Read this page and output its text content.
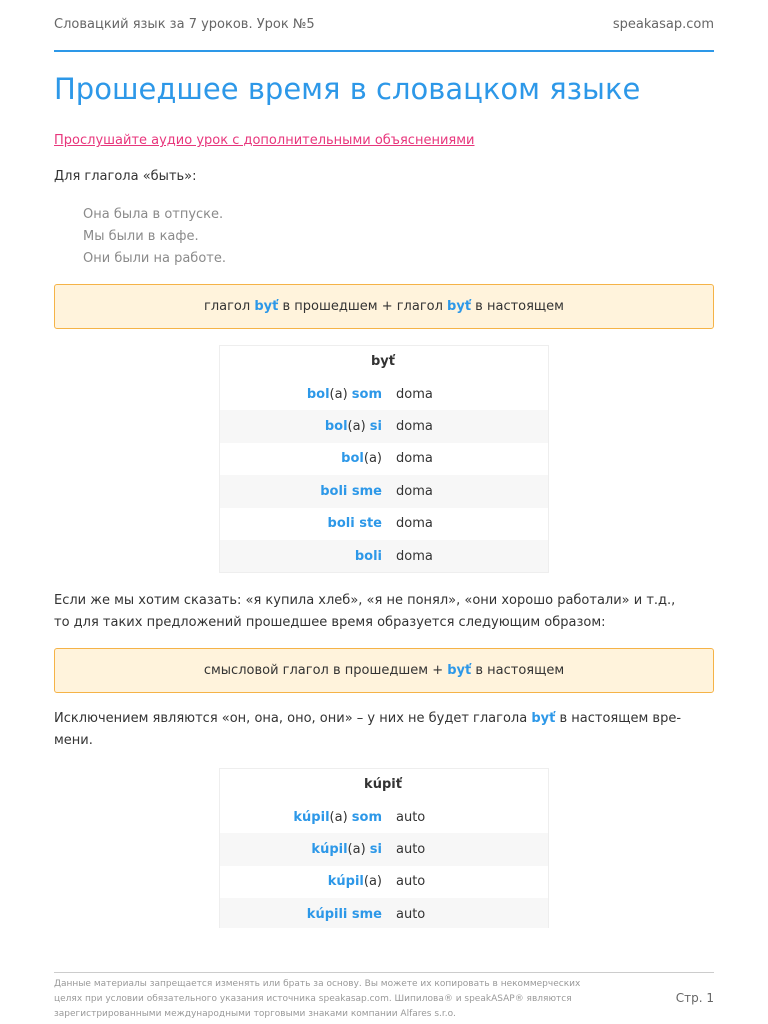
Словацкий язык за 7 уроков. Урок №5	speakasap.com
Прошедшее время в словацком языке
Прослушайте аудио урок с дополнительными объяснениями
Для глагола «быть»:
Она была в отпуске.
Мы были в кафе.
Они были на работе.
глагол byť в прошедшем + глагол byť в настоящем
byť
bol(a) som	doma
bol(a) si	doma
bol(a)	doma
boli sme	doma
boli ste	doma
boli	doma
Если же мы хотим сказать: «я купила хлеб», «я не понял», «они хорошо работали» и т.д.,
то для таких предложений прошедшее время образуется следующим образом:
смысловой глагол в прошедшем + byť в настоящем
Исключением являются «он, она, оно, они» – у них не будет глагола byť в настоящем вре-
мени.
kúpiť
kúpil(a) som	auto
kúpil(a) si	auto
kúpil(a)	auto
kúpili sme	auto
Данные материалы запрещается изменять или брать за основу. Вы можете их копировать в некоммерческих
целях при условии обязательного указания источника speakasap.com. Шипилова® и speakASAP® являются
зарегистрированными международными торговыми знаками компании Alfares s.r.o.
Стр. 1
